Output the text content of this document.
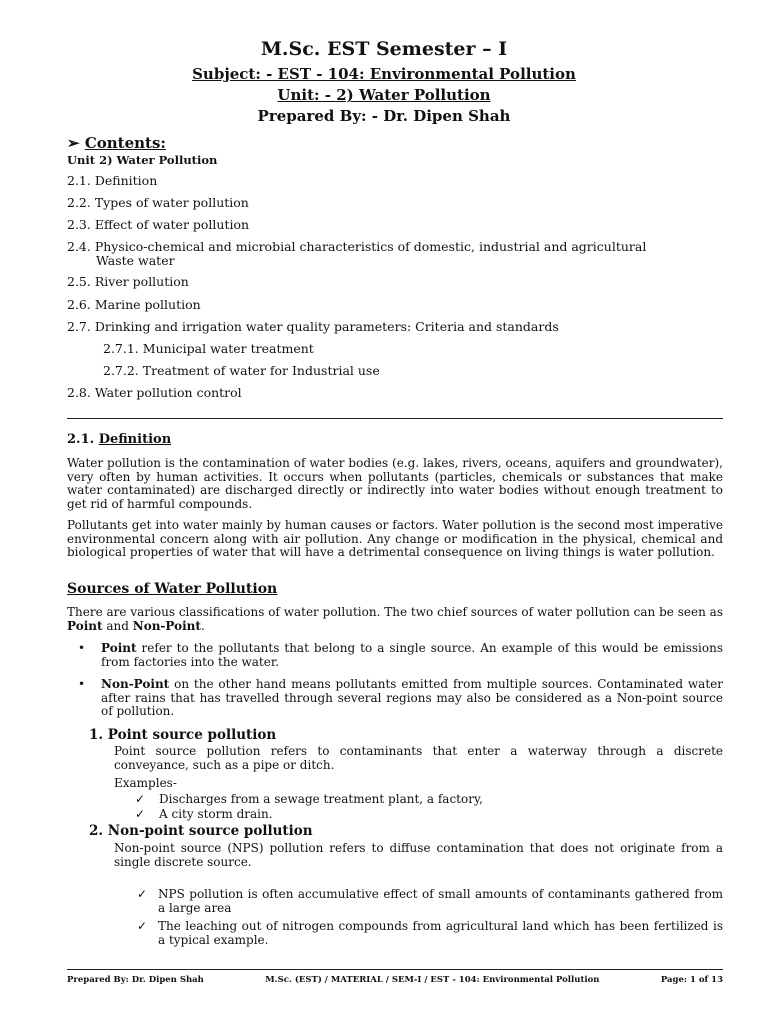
M.Sc. EST Semester – I
Subject: - EST - 104: Environmental Pollution
Unit: - 2) Water Pollution
Prepared By: - Dr. Dipen Shah
➢ Contents:
Unit 2) Water Pollution
2.1. Definition
2.2. Types of water pollution
2.3. Effect of water pollution
2.4. Physico-chemical and microbial characteristics of domestic, industrial and agricultural
Waste water
2.5. River pollution
2.6. Marine pollution
2.7. Drinking and irrigation water quality parameters: Criteria and standards
2.7.1. Municipal water treatment
2.7.2. Treatment of water for Industrial use
2.8. Water pollution control
2.1. Definition
Water pollution is the contamination of water bodies (e.g. lakes, rivers, oceans, aquifers and groundwater), very often by human activities. It occurs when pollutants (particles, chemicals or substances that make water contaminated) are discharged directly or indirectly into water bodies without enough treatment to get rid of harmful compounds.
Pollutants get into water mainly by human causes or factors. Water pollution is the second most imperative environmental concern along with air pollution. Any change or modification in the physical, chemical and biological properties of water that will have a detrimental consequence on living things is water pollution.
Sources of Water Pollution
There are various classifications of water pollution. The two chief sources of water pollution can be seen as Point and Non-Point.
• Point refer to the pollutants that belong to a single source. An example of this would be emissions from factories into the water.
• Non-Point on the other hand means pollutants emitted from multiple sources. Contaminated water after rains that has travelled through several regions may also be considered as a Non-point source of pollution.
1. Point source pollution
Point source pollution refers to contaminants that enter a waterway through a discrete conveyance, such as a pipe or ditch.
Examples-
✓ Discharges from a sewage treatment plant, a factory,
✓ A city storm drain.
2. Non-point source pollution
Non-point source (NPS) pollution refers to diffuse contamination that does not originate from a single discrete source.
✓ NPS pollution is often accumulative effect of small amounts of contaminants gathered from a large area
✓ The leaching out of nitrogen compounds from agricultural land which has been fertilized is a typical example.
Prepared By: Dr. Dipen Shah	M.Sc. (EST) / MATERIAL / SEM-I / EST - 104: Environmental Pollution	Page: 1 of 13
